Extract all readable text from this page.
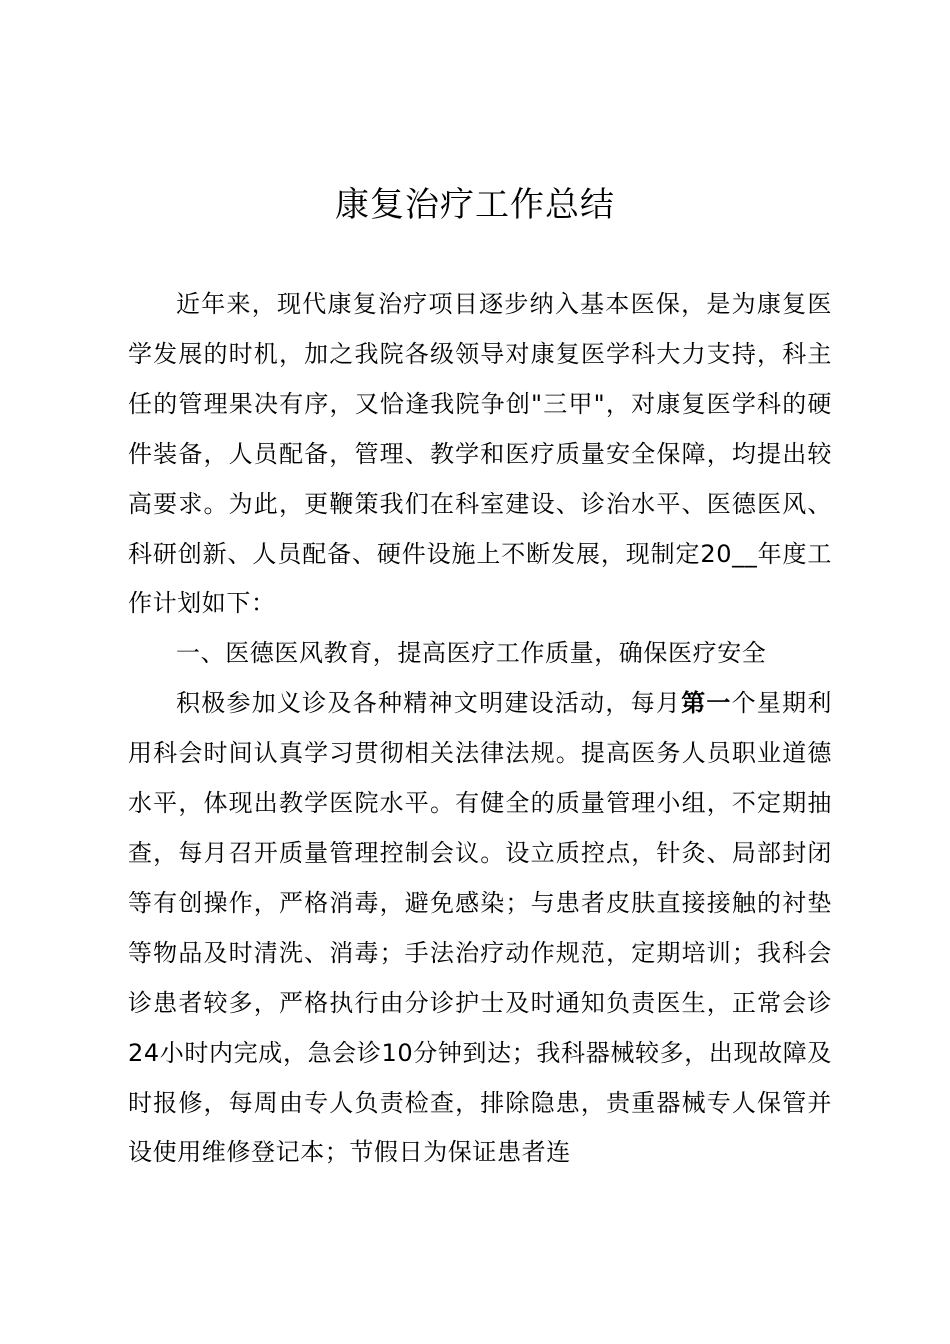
康复治疗工作总结

近年来，现代康复治疗项目逐步纳入基本医保，是为康复医学发展的时机，加之我院各级领导对康复医学科大力支持，科主任的管理果决有序，又恰逢我院争创"三甲"，对康复医学科的硬件装备，人员配备，管理、教学和医疗质量安全保障，均提出较高要求。为此，更鞭策我们在科室建设、诊治水平、医德医风、科研创新、人员配备、硬件设施上不断发展，现制定20__年度工作计划如下：

一、医德医风教育，提高医疗工作质量，确保医疗安全

积极参加义诊及各种精神文明建设活动，每月第一个星期利用科会时间认真学习贯彻相关法律法规。提高医务人员职业道德水平，体现出教学医院水平。有健全的质量管理小组，不定期抽查，每月召开质量管理控制会议。设立质控点，针灸、局部封闭等有创操作，严格消毒，避免感染；与患者皮肤直接接触的衬垫等物品及时清洗、消毒；手法治疗动作规范，定期培训；我科会诊患者较多，严格执行由分诊护士及时通知负责医生，正常会诊24小时内完成，急会诊10分钟到达；我科器械较多，出现故障及时报修，每周由专人负责检查，排除隐患，贵重器械专人保管并设使用维修登记本；节假日为保证患者连
